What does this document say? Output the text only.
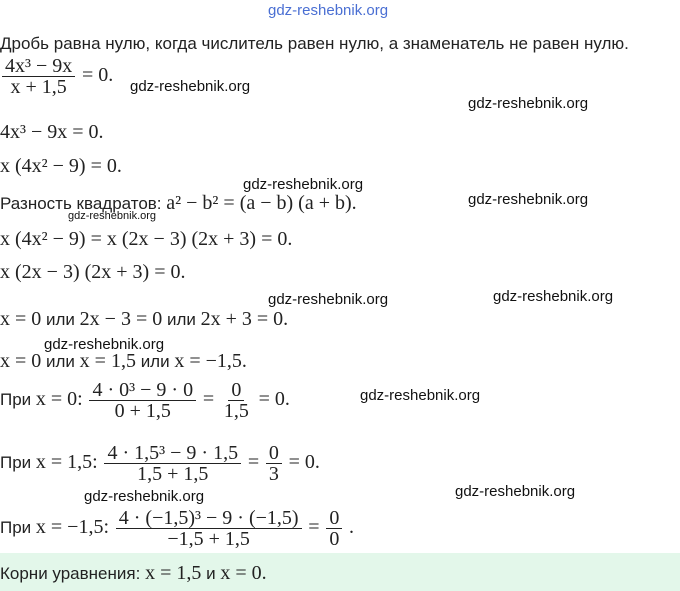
gdz-reshebnik.org
Дробь равна нулю, когда числитель равен нулю, а знаменатель не равен нулю.
$\frac{\text{4x³ − 9x}}{x + 1,5} = 0$.
4x³ − 9x = 0.
x (4x² − 9) = 0.
Разность квадратов: a² − b² = (a − b) (a + b).
x (4x² − 9) = x (2x − 3) (2x + 3) = 0.
x (2x − 3) (2x + 3) = 0.
x = 0 или 2x − 3 = 0 или 2x + 3 = 0.
x = 0 или x = 1,5 или x = −1,5.
При x = 0: $\frac{\text{4 · 0³ − 9 · 0}}{0 + 1,5} = \frac{0}{1,5} = 0$.
При x = 1,5: $\frac{\text{4 · 1,5³ − 9 · 1,5}}{1,5 + 1,5} = \frac{0}{3} = 0$.
При x = −1,5: $\frac{\text{4 · (−1,5)³ − 9 · (−1,5)}}{-1,5 + 1,5} = \frac{0}{0}$ .
Корни уравнения: x = 1,5 и x = 0.
gdz-reshebnik.org
gdz-reshebnik.org
gdz-reshebnik.org
gdz-reshebnik.org
gdz-reshebnik.org
gdz-reshebnik.org	gdz-reshebnik.org
gdz-reshebnik.org
gdz-reshebnik.org
gdz-reshebnik.org	gdz-reshebnik.org
